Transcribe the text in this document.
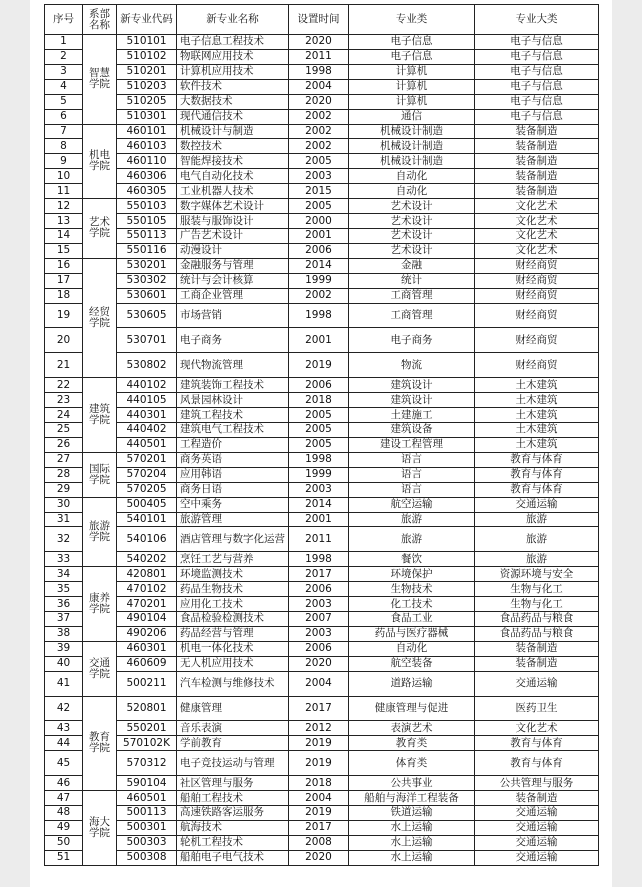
序号	系部名称	新专业代码	新专业名称	设置时间	专业类	专业大类
1	智慧学院	510101	电子信息工程技术	2020	电子信息	电子与信息
2		510102	物联网应用技术	2011	电子信息	电子与信息
3		510201	计算机应用技术	1998	计算机	电子与信息
4		510203	软件技术	2004	计算机	电子与信息
5		510205	大数据技术	2020	计算机	电子与信息
6		510301	现代通信技术	2002	通信	电子与信息
7	机电学院	460101	机械设计与制造	2002	机械设计制造	装备制造
8		460103	数控技术	2002	机械设计制造	装备制造
9		460110	智能焊接技术	2005	机械设计制造	装备制造
10		460306	电气自动化技术	2003	自动化	装备制造
11		460305	工业机器人技术	2015	自动化	装备制造
12	艺术学院	550103	数字媒体艺术设计	2005	艺术设计	文化艺术
13		550105	服装与服饰设计	2000	艺术设计	文化艺术
14		550113	广告艺术设计	2001	艺术设计	文化艺术
15		550116	动漫设计	2006	艺术设计	文化艺术
16	经贸学院	530201	金融服务与管理	2014	金融	财经商贸
17		530302	统计与会计核算	1999	统计	财经商贸
18		530601	工商企业管理	2002	工商管理	财经商贸
19		530605	市场营销	1998	工商管理	财经商贸
20		530701	电子商务	2001	电子商务	财经商贸
21		530802	现代物流管理	2019	物流	财经商贸
22	建筑学院	440102	建筑装饰工程技术	2006	建筑设计	土木建筑
23		440105	风景园林设计	2018	建筑设计	土木建筑
24		440301	建筑工程技术	2005	土建施工	土木建筑
25		440402	建筑电气工程技术	2005	建筑设备	土木建筑
26		440501	工程造价	2005	建设工程管理	土木建筑
27	国际学院	570201	商务英语	1998	语言	教育与体育
28		570204	应用韩语	1999	语言	教育与体育
29		570205	商务日语	2003	语言	教育与体育
30	旅游学院	500405	空中乘务	2014	航空运输	交通运输
31		540101	旅游管理	2001	旅游	旅游
32		540106	酒店管理与数字化运营	2011	旅游	旅游
33		540202	烹饪工艺与营养	1998	餐饮	旅游
34	康养学院	420801	环境监测技术	2017	环境保护	资源环境与安全
35		470102	药品生物技术	2006	生物技术	生物与化工
36		470201	应用化工技术	2003	化工技术	生物与化工
37		490104	食品检验检测技术	2007	食品工业	食品药品与粮食
38		490206	药品经营与管理	2003	药品与医疗器械	食品药品与粮食
39	交通学院	460301	机电一体化技术	2006	自动化	装备制造
40		460609	无人机应用技术	2020	航空装备	装备制造
41		500211	汽车检测与维修技术	2004	道路运输	交通运输
42	教育学院	520801	健康管理	2017	健康管理与促进	医药卫生
43		550201	音乐表演	2012	表演艺术	文化艺术
44		570102K	学前教育	2019	教育类	教育与体育
45		570312	电子竞技运动与管理	2019	体育类	教育与体育
46		590104	社区管理与服务	2018	公共事业	公共管理与服务
47	海大学院	460501	船舶工程技术	2004	船舶与海洋工程装备	装备制造
48		500113	高速铁路客运服务	2019	铁道运输	交通运输
49		500301	航海技术	2017	水上运输	交通运输
50		500303	轮机工程技术	2008	水上运输	交通运输
51		500308	船舶电子电气技术	2020	水上运输	交通运输
